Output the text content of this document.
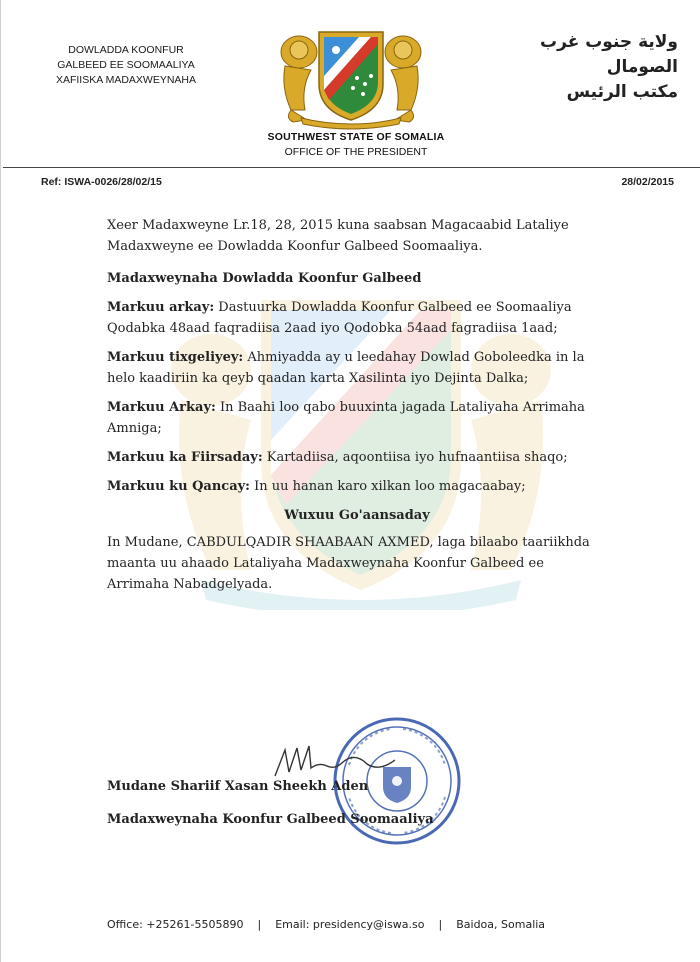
DOWLADDA KOONFUR
GALBEED EE SOOMAALIYA
XAFIISKA MADAXWEYNAHA
ولاية جنوب غرب الصومال
مكتب الرئيس
SOUTHWEST STATE OF SOMALIA
OFFICE OF THE PRESIDENT
Ref: ISWA-0026/28/02/15	28/02/2015

Xeer Madaxweyne Lr.18, 28, 2015 kuna saabsan Magacaabid Lataliye Madaxweyne ee Dowladda Koonfur Galbeed Soomaaliya.

Madaxweynaha Dowladda Koonfur Galbeed

Markuu arkay: Dastuurka Dowladda Koonfur Galbeed ee Soomaaliya Qodabka 48aad faqradiisa 2aad iyo Qodobka 54aad fagradiisa 1aad;

Markuu tixgeliyey: Ahmiyadda ay u leedahay Dowlad Goboleedka in la helo kaadiriin ka qeyb qaadan karta Xasilinta iyo Dejinta Dalka;

Markuu Arkay: In Baahi loo qabo buuxinta jagada Lataliyaha Arrimaha Amniga;

Markuu ka Fiirsaday: Kartadiisa, aqoontiisa iyo hufnaantiisa shaqo;

Markuu ku Qancay: In uu hanan karo xilkan loo magacaabay;

Wuxuu Go'aansaday

In Mudane, CABDULQADIR SHAABAAN AXMED, laga bilaabo taariikhda maanta uu ahaado Lataliyaha Madaxweynaha Koonfur Galbeed ee Arrimaha Nabadgelyada.

Mudane Shariif Xasan Sheekh Aden
Madaxweynaha Koonfur Galbeed Soomaaliya
Office: +25261-5505890 | Email: presidency@iswa.so | Baidoa, Somalia
